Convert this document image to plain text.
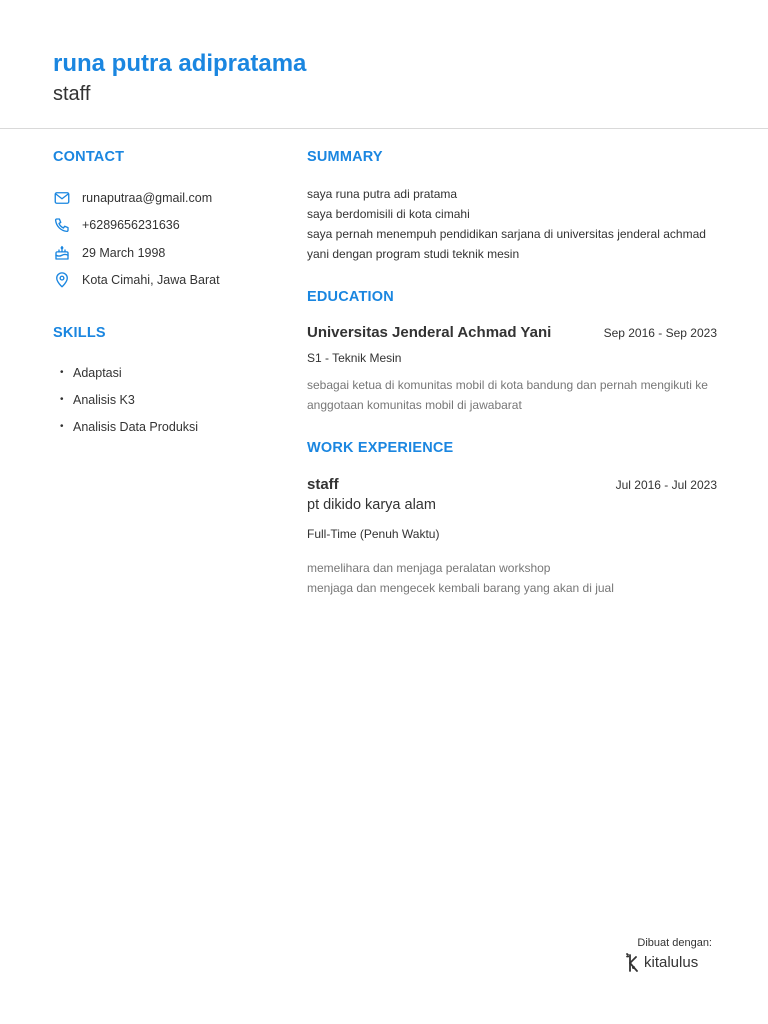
runa putra adipratama
staff
CONTACT
runaputraa@gmail.com
+6289656231636
29 March 1998
Kota Cimahi, Jawa Barat
SKILLS
• Adaptasi
• Analisis K3
• Analisis Data Produksi
SUMMARY
saya runa putra adi pratama
saya berdomisili di kota cimahi
saya pernah menempuh pendidikan sarjana di universitas jenderal achmad
yani dengan program studi teknik mesin
EDUCATION
Universitas Jenderal Achmad Yani	Sep 2016 - Sep 2023
S1 - Teknik Mesin
sebagai ketua di komunitas mobil di kota bandung dan pernah mengikuti ke
anggotaan komunitas mobil di jawabarat
WORK EXPERIENCE
staff	Jul 2016 - Jul 2023
pt dikido karya alam
Full-Time (Penuh Waktu)
memelihara dan menjaga peralatan workshop
menjaga dan mengecek kembali barang yang akan di jual
Dibuat dengan:
kitalulus
